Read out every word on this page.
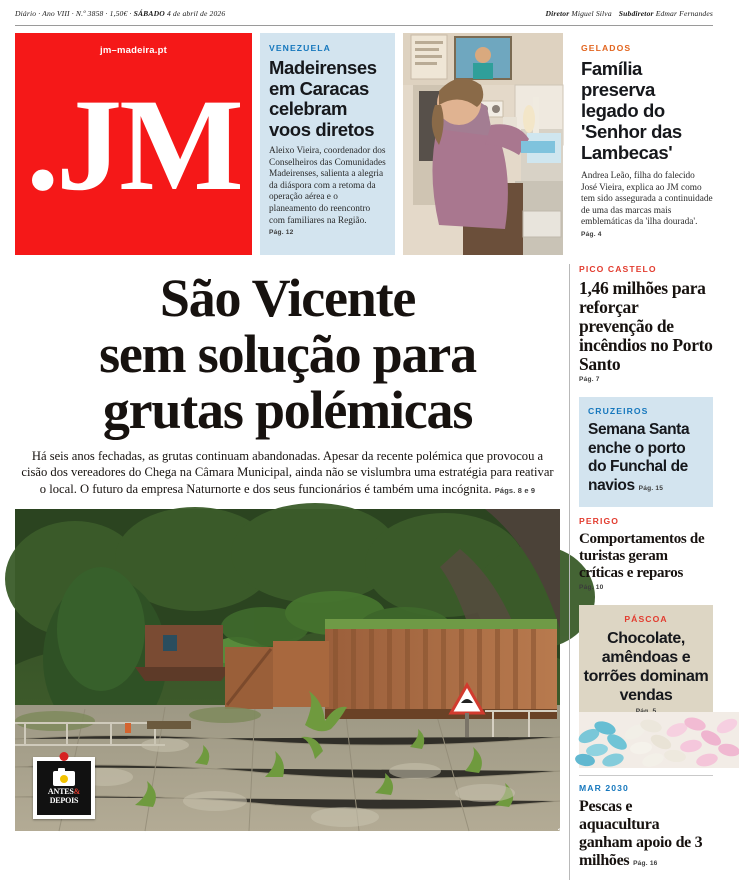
Diário · Ano VIII · N.º 3858 · 1,50€ · SÁBADO 4 de abril de 2026	Diretor Miguel Silva Subdiretor Edmar Fernandes
jm–madeira.pt
.JM
VENEZUELA
Madeirenses em Caracas celebram voos diretos
Aleixo Vieira, coordenador dos Conselheiros das Comunidades Madeirenses, salienta a alegria da diáspora com a retoma da operação aérea e o planeamento do reencontro com familiares na Região. Pág. 12
GELADOS
Família preserva legado do 'Senhor das Lambecas'
Andrea Leão, filha do falecido José Vieira, explica ao JM como tem sido assegurada a continuidade de uma das marcas mais emblemáticas da 'ilha dourada'. Pág. 4
São Vicente
sem solução para
grutas polémicas
Há seis anos fechadas, as grutas continuam abandonadas. Apesar da recente polémica que provocou a cisão dos vereadores do Chega na Câmara Municipal, ainda não se vislumbra uma estratégia para reativar o local. O futuro da empresa Naturnorte e dos seus funcionários é também uma incógnita. Págs. 8 e 9
ANTES&
DEPOIS
FOTO JOANA SOUSA
PICO CASTELO
1,46 milhões para reforçar prevenção de incêndios no Porto Santo
Pág. 7
CRUZEIROS
Semana Santa enche o porto do Funchal de navios Pág. 15
PERIGO
Comportamentos de turistas geram críticas e reparos
Pág. 10
PÁSCOA
Chocolate, amêndoas e torrões dominam vendas
MAR 2030
Pescas e aquacultura ganham apoio de 3 milhões Pág. 16
